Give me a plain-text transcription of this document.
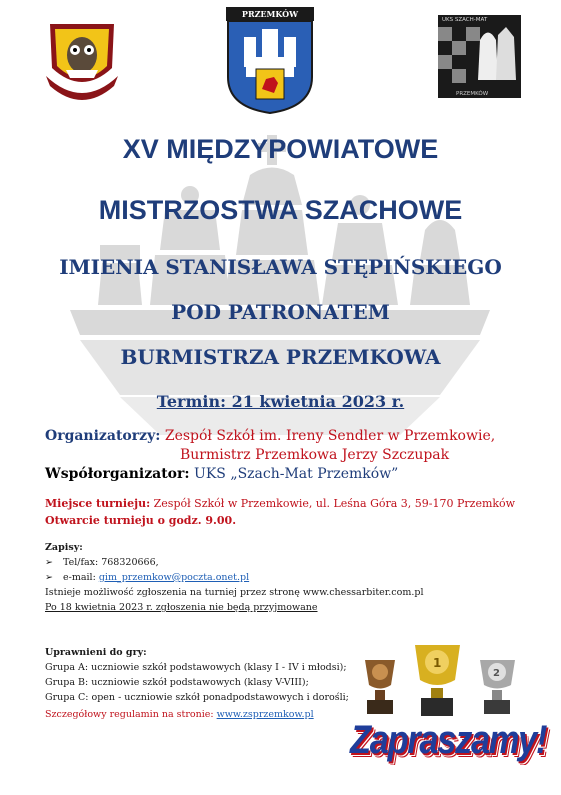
PRZEMKÓW
UKS SZACH-MAT
PRZEMKÓW
XV MIĘDZYPOWIATOWE
MISTRZOSTWA SZACHOWE
IMIENIA STANISŁAWA STĘPIŃSKIEGO
POD PATRONATEM
BURMISTRZA PRZEMKOWA
Termin: 21 kwietnia 2023 r.
Organizatorzy: Zespół Szkół im. Ireny Sendler w Przemkowie,
Burmistrz Przemkowa Jerzy Szczupak
Współorganizator: UKS „Szach-Mat Przemków”
Miejsce turnieju: Zespół Szkół w Przemkowie, ul. Leśna Góra 3, 59-170 Przemków
Otwarcie turnieju o godz. 9.00.
Zapisy:
➢ Tel/fax: 768320666,
➢ e-mail: gim_przemkow@poczta.onet.pl
Istnieje możliwość zgłoszenia na turniej przez stronę www.chessarbiter.com.pl
Po 18 kwietnia 2023 r. zgłoszenia nie będą przyjmowane
Uprawnieni do gry:
Grupa A: uczniowie szkół podstawowych (klasy I - IV i młodsi);
Grupa B: uczniowie szkół podstawowych (klasy V-VIII);
Grupa C: open - uczniowie szkół ponadpodstawowych i dorośli;
Szczegółowy regulamin na stronie: www.zsprzemkow.pl
1
2
Zapraszamy!
